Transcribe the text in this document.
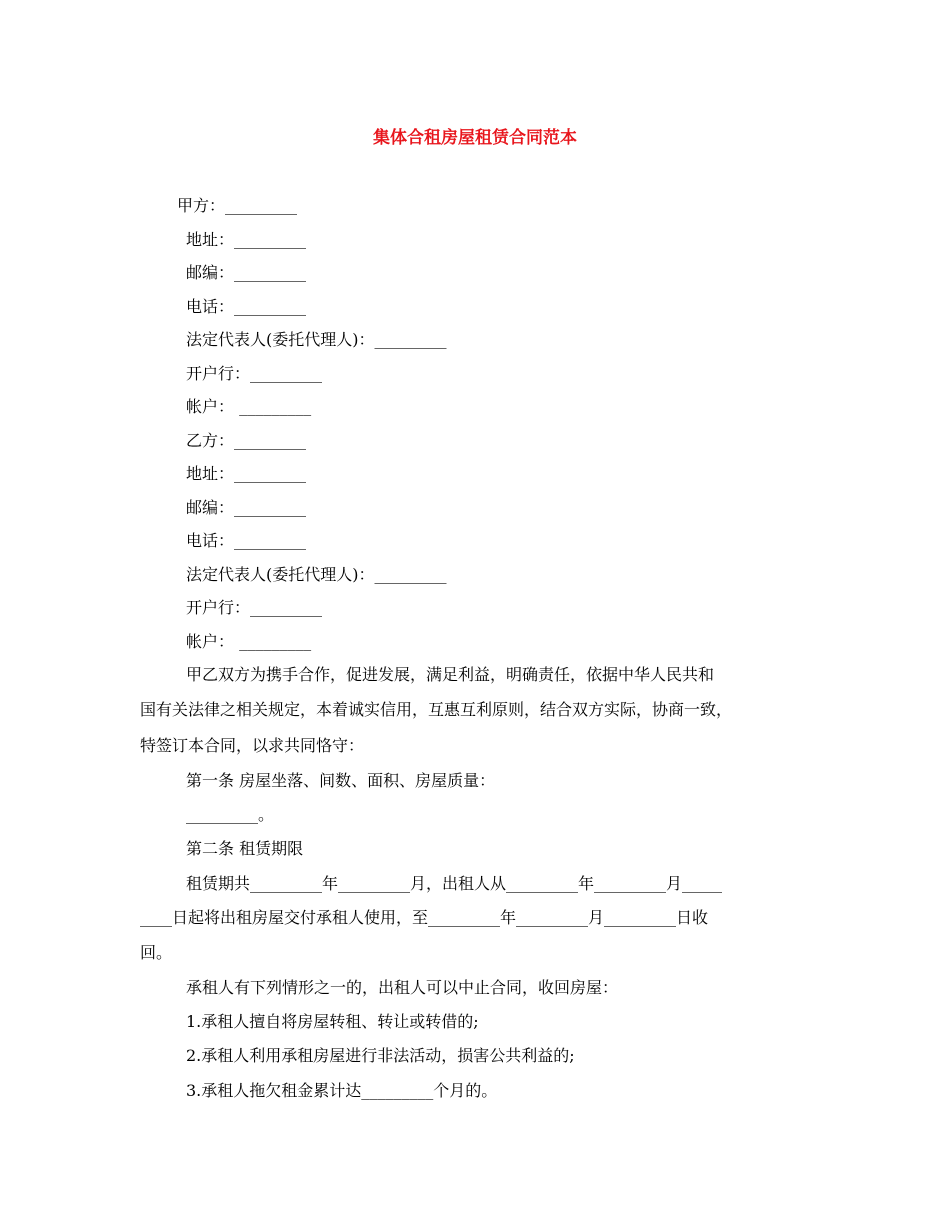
集体合租房屋租赁合同范本
甲方：_________
地址：_________
邮编：_________
电话：_________
法定代表人(委托代理人)：_________
开户行：_________
帐户： _________
乙方：_________
地址：_________
邮编：_________
电话：_________
法定代表人(委托代理人)：_________
开户行：_________
帐户： _________
甲乙双方为携手合作，促进发展，满足利益，明确责任，依据中华人民共和
国有关法律之相关规定，本着诚实信用，互惠互利原则，结合双方实际，协商一致，
特签订本合同，以求共同恪守：
第一条 房屋坐落、间数、面积、房屋质量：
_________。
第二条 租赁期限
租赁期共_________年_________月，出租人从_________年_________月_____
____日起将出租房屋交付承租人使用，至_________年_________月_________日收
回。
承租人有下列情形之一的，出租人可以中止合同，收回房屋：
1.承租人擅自将房屋转租、转让或转借的;
2.承租人利用承租房屋进行非法活动，损害公共利益的;
3.承租人拖欠租金累计达_________个月的。
